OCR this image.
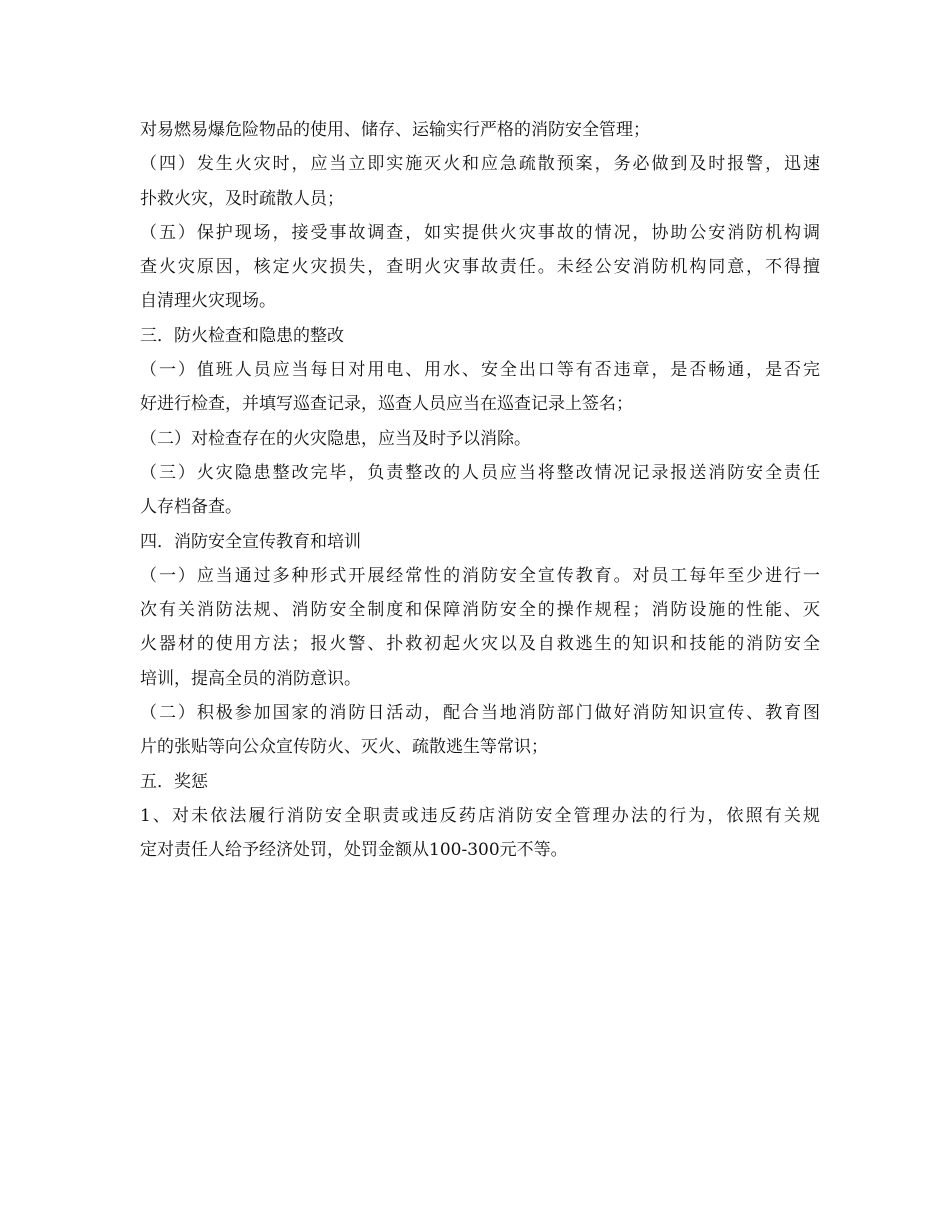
对易燃易爆危险物品的使用、储存、运输实行严格的消防安全管理；
（四）发生火灾时，应当立即实施灭火和应急疏散预案，务必做到及时报警，迅速
扑救火灾，及时疏散人员；
（五）保护现场，接受事故调查，如实提供火灾事故的情况，协助公安消防机构调
查火灾原因，核定火灾损失，查明火灾事故责任。未经公安消防机构同意，不得擅
自清理火灾现场。
三．防火检查和隐患的整改
（一）值班人员应当每日对用电、用水、安全出口等有否违章，是否畅通，是否完
好进行检查，并填写巡查记录，巡查人员应当在巡查记录上签名；
（二）对检查存在的火灾隐患，应当及时予以消除。
（三）火灾隐患整改完毕，负责整改的人员应当将整改情况记录报送消防安全责任
人存档备查。
四．消防安全宣传教育和培训
（一）应当通过多种形式开展经常性的消防安全宣传教育。对员工每年至少进行一
次有关消防法规、消防安全制度和保障消防安全的操作规程；消防设施的性能、灭
火器材的使用方法；报火警、扑救初起火灾以及自救逃生的知识和技能的消防安全
培训，提高全员的消防意识。
（二）积极参加国家的消防日活动，配合当地消防部门做好消防知识宣传、教育图
片的张贴等向公众宣传防火、灭火、疏散逃生等常识；
五．奖惩
1、对未依法履行消防安全职责或违反药店消防安全管理办法的行为，依照有关规
定对责任人给予经济处罚，处罚金额从100-300元不等。
